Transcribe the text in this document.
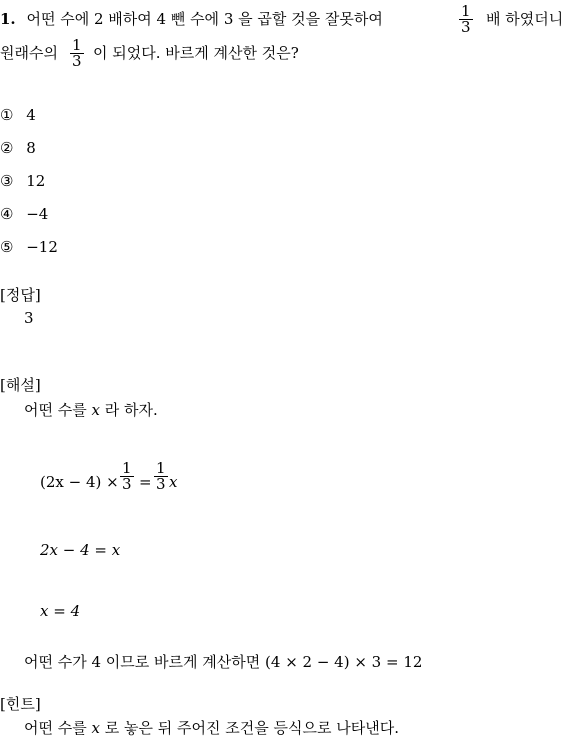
1. 어떤 수에 2 배하여 4 뺀 수에 3 을 곱할 것을 잘못하여	$\frac{1}{3}$ 배 하였더니
원래수의 $\frac{1}{3}$ 이 되었다. 바르게 계산한 것은?
① 4
② 8
③ 12
④ −4
⑤ −12
[정답]
3
[해설]
어떤 수를 x 라 하자.
$(2x - 4) \times \frac{1}{3} = \frac{1}{3}$ x
2x − 4 = x
x = 4
어떤 수가 4 이므로 바르게 계산하면 (4 × 2 − 4) × 3 = 12
[힌트]
어떤 수를 x 로 놓은 뒤 주어진 조건을 등식으로 나타낸다.
